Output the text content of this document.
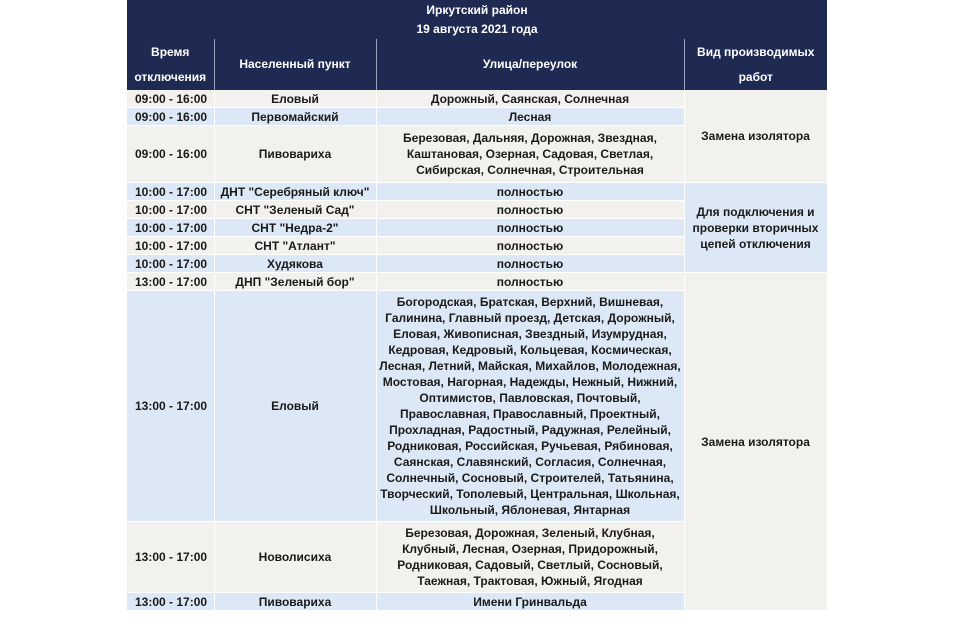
Иркутский район
19 августа 2021 года
Время отключения	Населенный пункт	Улица/переулок	Вид производимых работ
09:00 - 16:00	Еловый	Дорожный, Саянская, Солнечная	Замена изолятора
09:00 - 16:00	Первомайский	Лесная	
09:00 - 16:00	Пивовариха	Березовая, Дальняя, Дорожная, Звездная, Каштановая, Озерная, Садовая, Светлая, Сибирская, Солнечная, Строительная	
10:00 - 17:00	ДНТ "Серебряный ключ"	полностью	Для подключения и проверки вторичных цепей отключения
10:00 - 17:00	СНТ "Зеленый Сад"	полностью	
10:00 - 17:00	СНТ "Недра-2"	полностью	
10:00 - 17:00	СНТ "Атлант"	полностью	
10:00 - 17:00	Худякова	полностью	
13:00 - 17:00	ДНП "Зеленый бор"	полностью	Замена изолятора
13:00 - 17:00	Еловый	Богородская, Братская, Верхний, Вишневая, Галинина, Главный проезд, Детская, Дорожный, Еловая, Живописная, Звездный, Изумрудная, Кедровая, Кедровый, Кольцевая, Космическая, Лесная, Летний, Майская, Михайлов, Молодежная, Мостовая, Нагорная, Надежды, Нежный, Нижний, Оптимистов, Павловская, Почтовый, Православная, Православный, Проектный, Прохладная, Радостный, Радужная, Релейный, Родниковая, Российская, Ручьевая, Рябиновая, Саянская, Славянский, Согласия, Солнечная, Солнечный, Сосновый, Строителей, Татьянина, Творческий, Тополевый, Центральная, Школьная, Школьный, Яблоневая, Янтарная	
13:00 - 17:00	Новолисиха	Березовая, Дорожная, Зеленый, Клубная, Клубный, Лесная, Озерная, Придорожный, Родниковая, Садовый, Светлый, Сосновый, Таежная, Трактовая, Южный, Ягодная	
13:00 - 17:00	Пивовариха	Имени Гринвальда	
